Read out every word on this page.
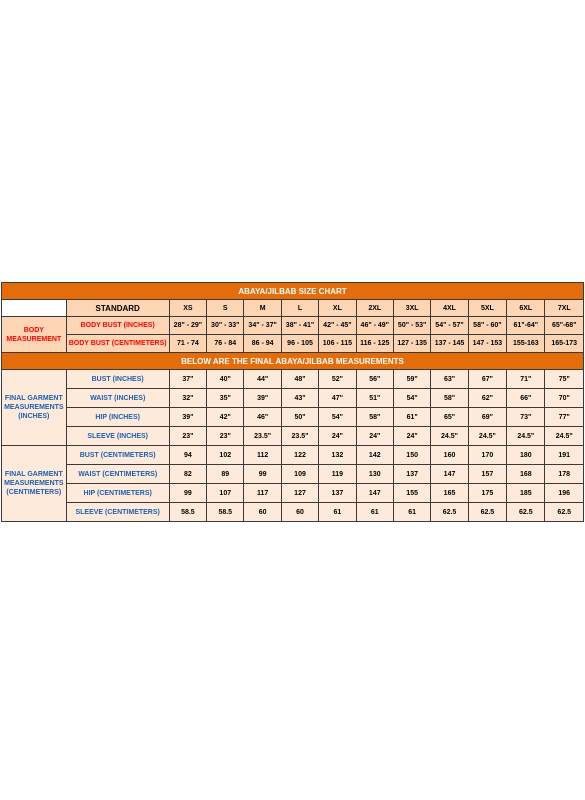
ABAYA/JILBAB SIZE CHART												
	STANDARD	XS	S	M	L	XL	2XL	3XL	4XL	5XL	6XL	7XL
BODY MEASUREMENT	BODY BUST (INCHES)	28" - 29"	30" - 33"	34" - 37"	38" - 41"	42" - 45"	46" - 49"	50" - 53"	54" - 57"	58" - 60"	61"-64"	65"-68"
	BODY BUST (CENTIMETERS)	71 - 74	76 - 84	86 - 94	96 - 105	106 - 115	116 - 125	127 - 135	137 - 145	147 - 153	155-163	165-173
BELOW ARE THE FINAL ABAYA/JILBAB MEASUREMENTS												
FINAL GARMENT MEASUREMENTS (INCHES)	BUST (INCHES)	37"	40"	44"	48"	52"	56"	59"	63"	67"	71"	75"
	WAIST (INCHES)	32"	35"	39"	43"	47"	51"	54"	58"	62"	66"	70"
	HIP (INCHES)	39"	42"	46"	50"	54"	58"	61"	65"	69"	73"	77"
	SLEEVE (INCHES)	23"	23"	23.5"	23.5"	24"	24"	24"	24.5"	24.5"	24.5"	24.5"
FINAL GARMENT MEASUREMENTS (CENTIMETERS)	BUST (CENTIMETERS)	94	102	112	122	132	142	150	160	170	180	191
	WAIST (CENTIMETERS)	82	89	99	109	119	130	137	147	157	168	178
	HIP (CENTIMETERS)	99	107	117	127	137	147	155	165	175	185	196
	SLEEVE (CENTIMETERS)	58.5	58.5	60	60	61	61	61	62.5	62.5	62.5	62.5
